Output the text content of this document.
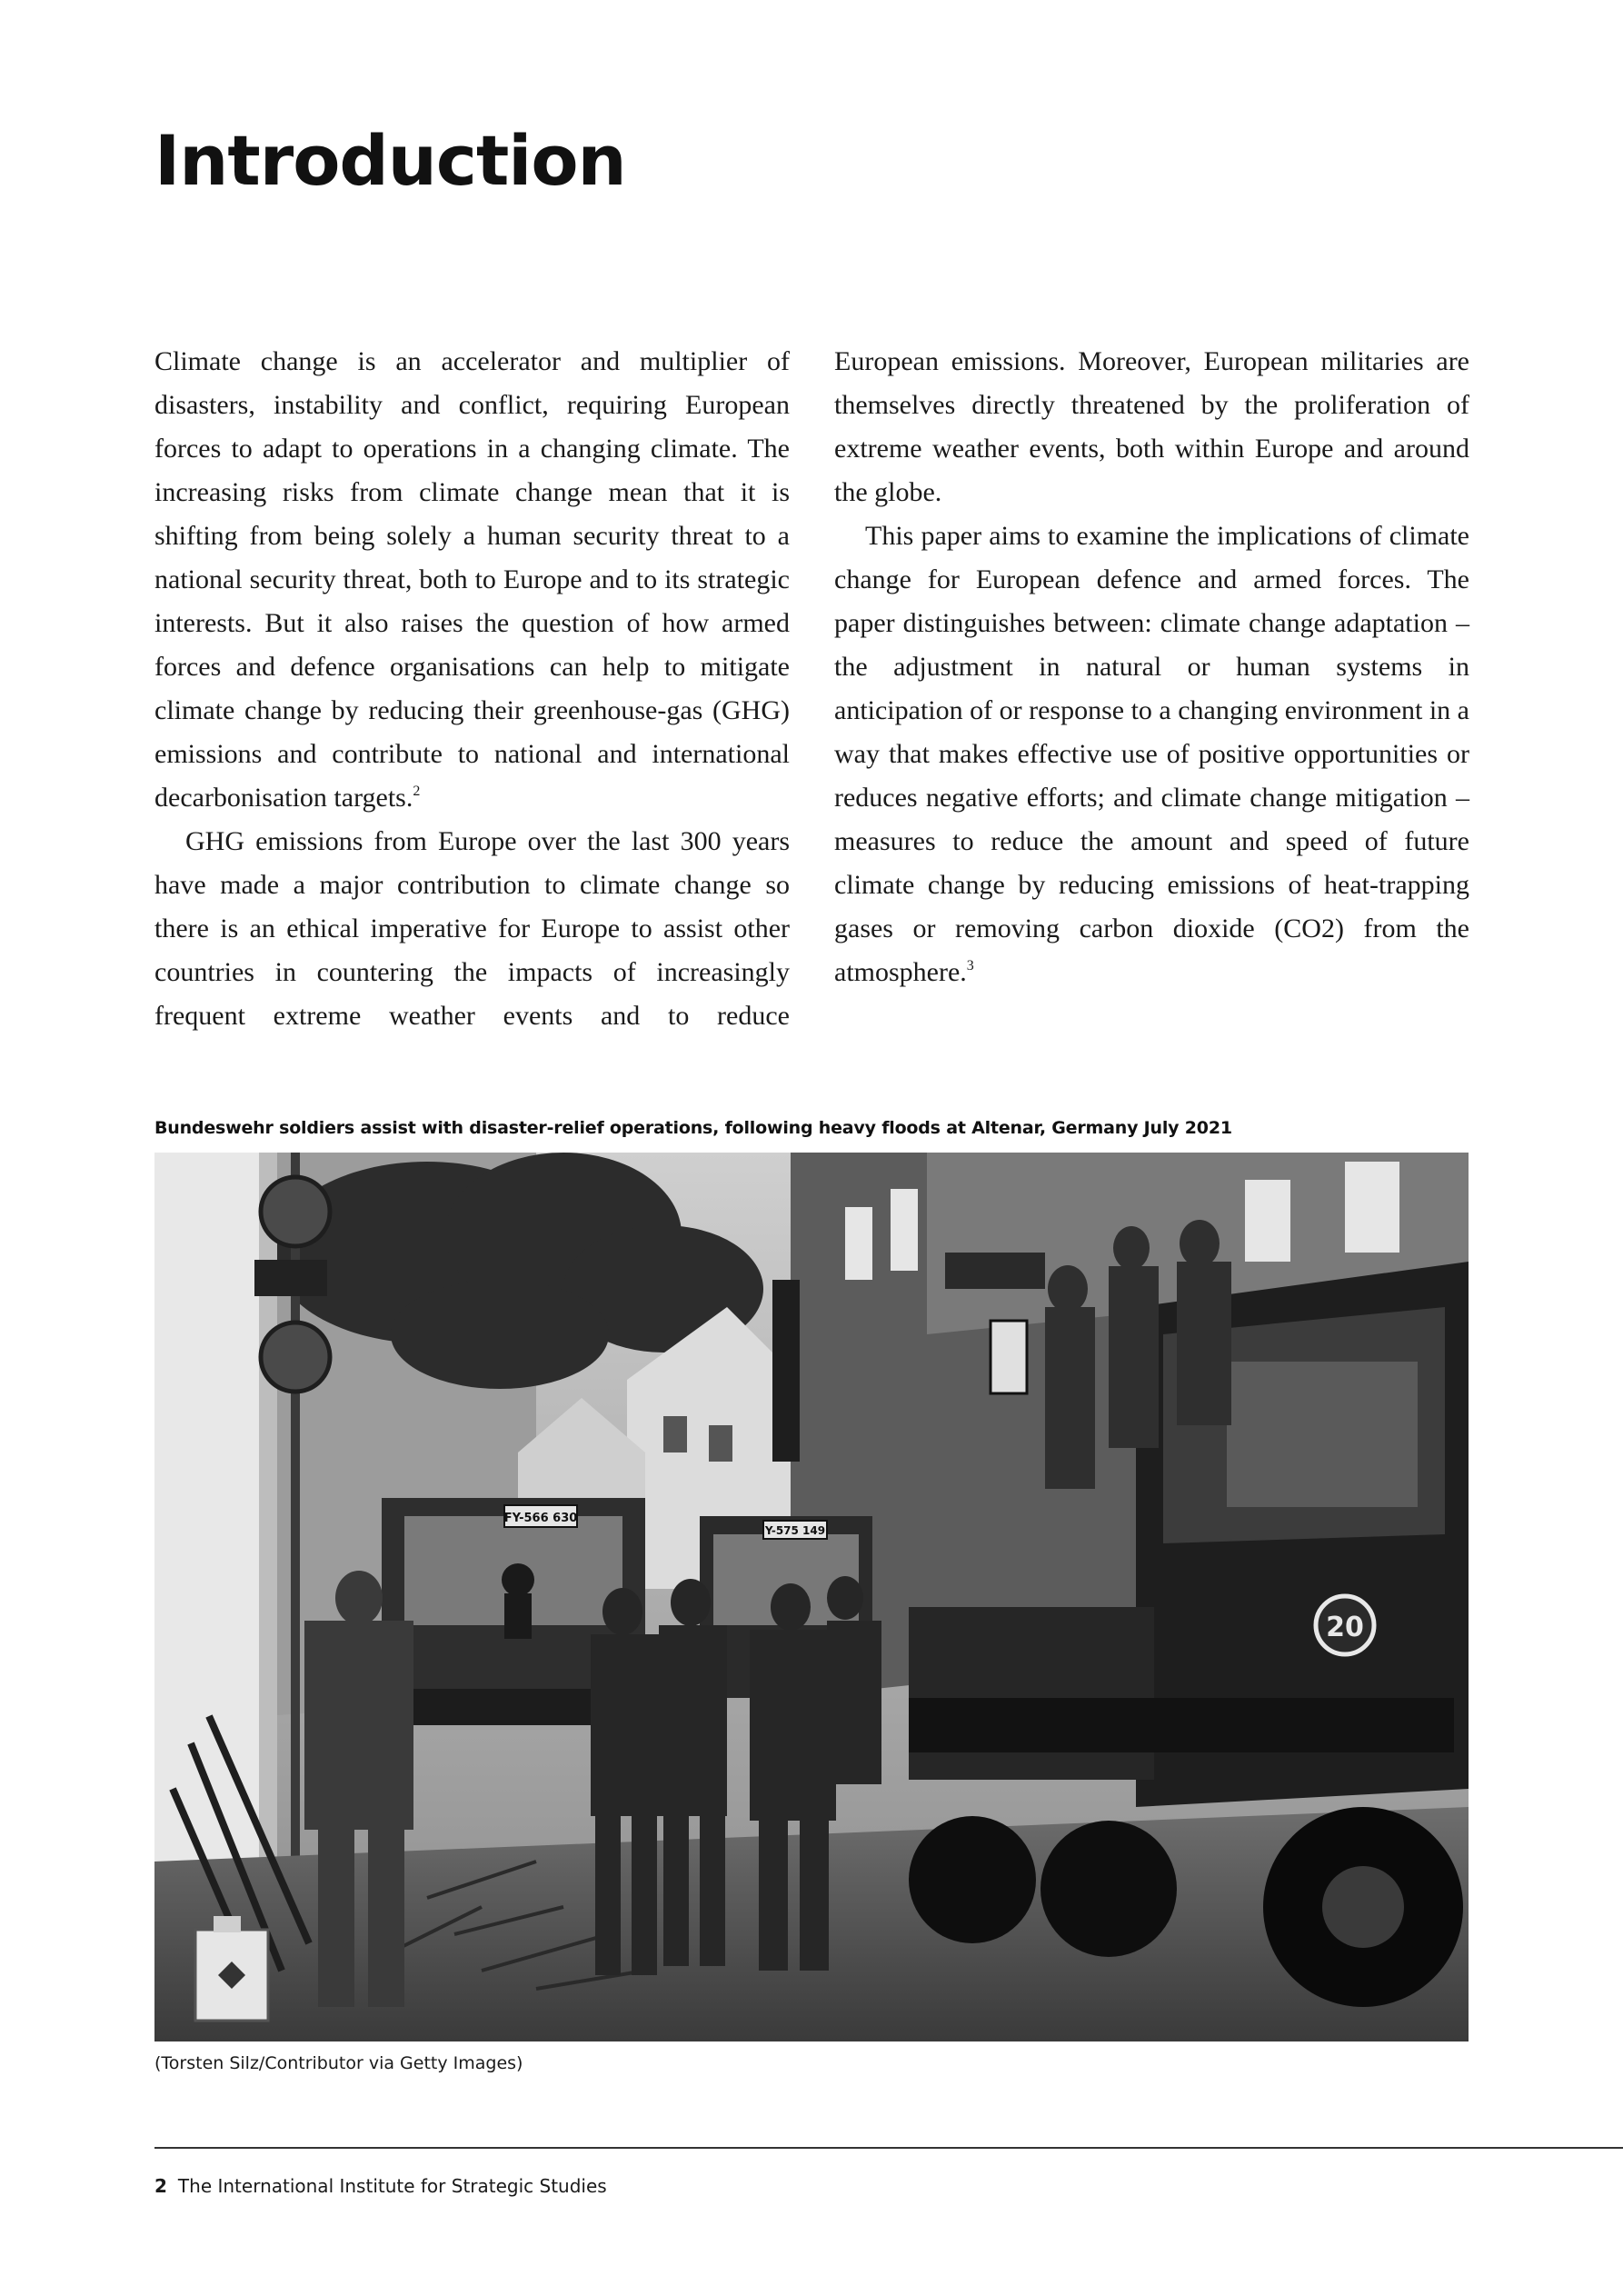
Introduction

Climate change is an accelerator and multiplier of disasters, instability and conflict, requiring European forces to adapt to operations in a changing climate. The increasing risks from climate change mean that it is shifting from being solely a human security threat to a national security threat, both to Europe and to its strategic interests. But it also raises the question of how armed forces and defence organisations can help to mitigate climate change by reducing their greenhouse-gas (GHG) emissions and contribute to national and international decarbonisation targets.$^2$

GHG emissions from Europe over the last 300 years have made a major contribution to climate change so there is an ethical imperative for Europe to assist other countries in countering the impacts of increasingly frequent extreme weather events and to reduce

European emissions. Moreover, European militaries are themselves directly threatened by the proliferation of extreme weather events, both within Europe and around the globe.

This paper aims to examine the implications of climate change for European defence and armed forces. The paper distinguishes between: climate change adaptation – the adjustment in natural or human systems in anticipation of or response to a changing environment in a way that makes effective use of positive opportunities or reduces negative efforts; and climate change mitigation – measures to reduce the amount and speed of future climate change by reducing emissions of heat-trapping gases or removing carbon dioxide (CO2) from the atmosphere.$^3$

Bundeswehr soldiers assist with disaster-relief operations, following heavy floods at Altenar, Germany July 2021
FY-566 630
Y-575 149
20
(Torsten Silz/Contributor via Getty Images)
2 The International Institute for Strategic Studies
